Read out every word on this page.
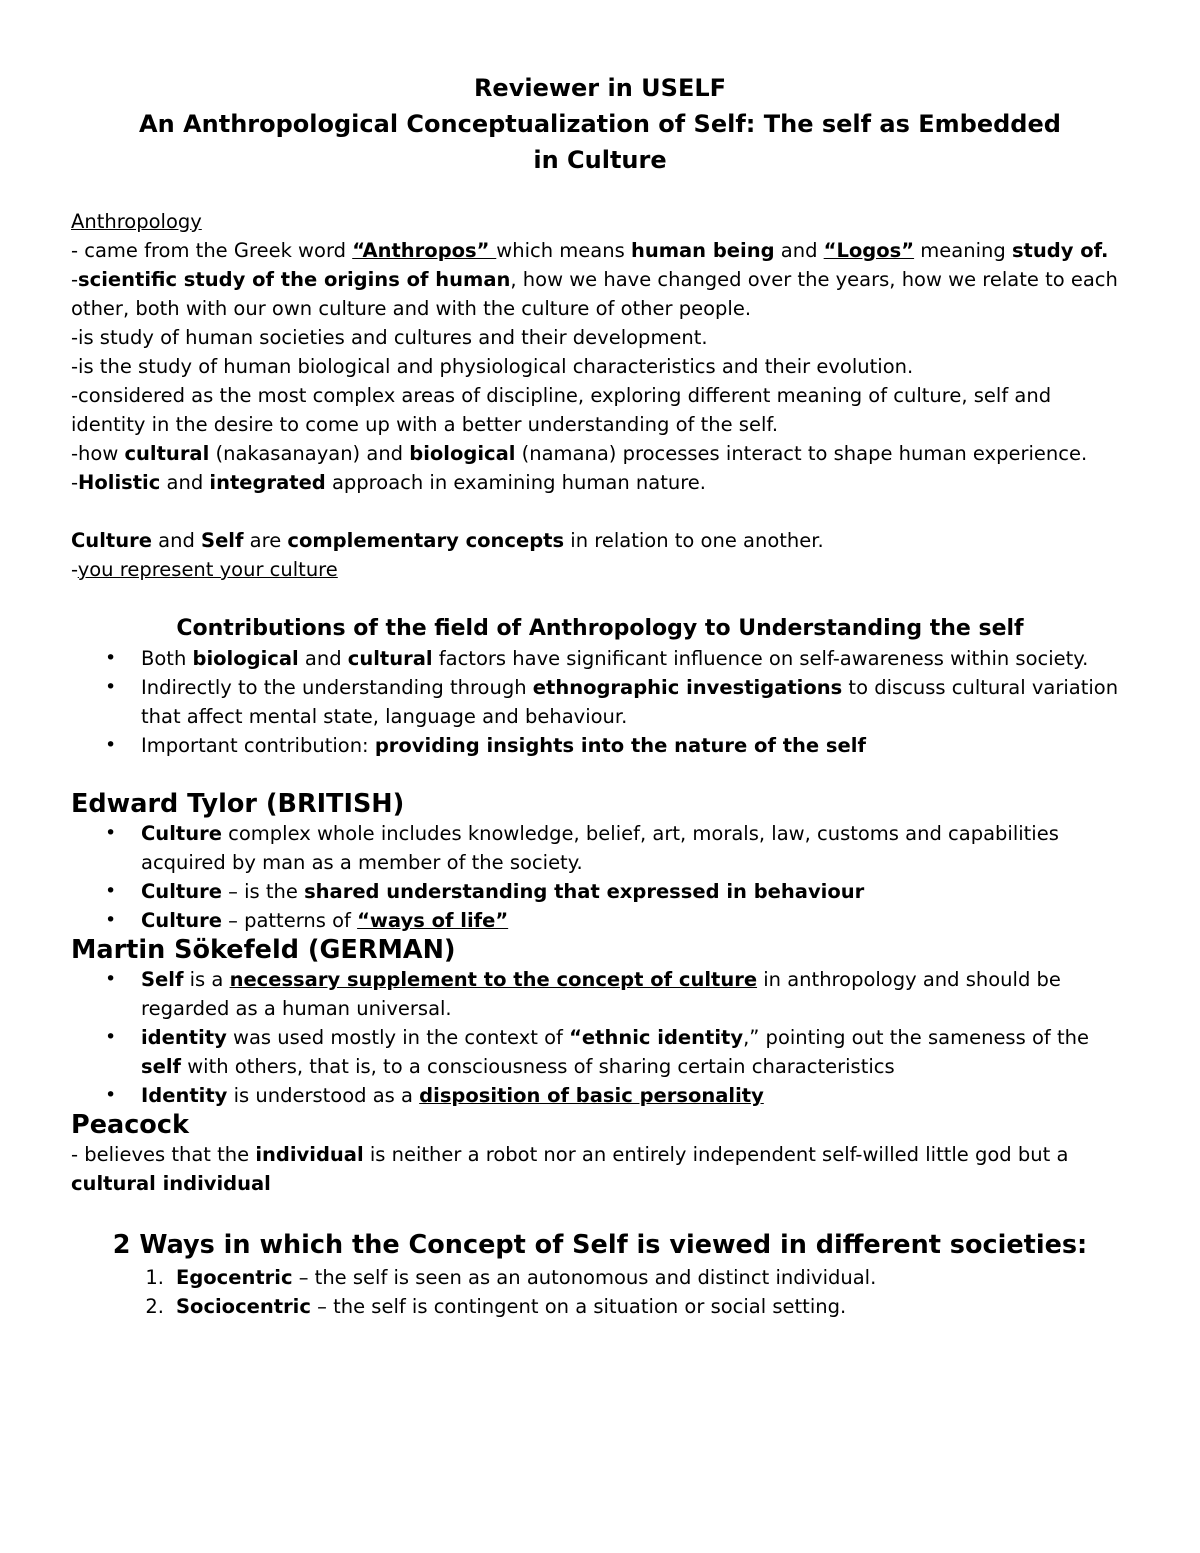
Reviewer in USELF

An Anthropological Conceptualization of Self: The self as Embedded

in Culture

Anthropology

- came from the Greek word “Anthropos” which means human being and “Logos” meaning study of.

-scientific study of the origins of human, how we have changed over the years, how we relate to each other, both with our own culture and with the culture of other people.

-is study of human societies and cultures and their development.

-is the study of human biological and physiological characteristics and their evolution.

-considered as the most complex areas of discipline, exploring different meaning of culture, self and identity in the desire to come up with a better understanding of the self.

-how cultural (nakasanayan) and biological (namana) processes interact to shape human experience.

-Holistic and integrated approach in examining human nature.

Culture and Self are complementary concepts in relation to one another.

-you represent your culture

Contributions of the field of Anthropology to Understanding the self

• Both biological and cultural factors have significant influence on self-awareness within society.
• Indirectly to the understanding through ethnographic investigations to discuss cultural variation that affect mental state, language and behaviour.
• Important contribution: providing insights into the nature of the self

Edward Tylor (BRITISH)

• Culture complex whole includes knowledge, belief, art, morals, law, customs and capabilities acquired by man as a member of the society.
• Culture – is the shared understanding that expressed in behaviour
• Culture – patterns of “ways of life”

Martin Sökefeld (GERMAN)

• Self is a necessary supplement to the concept of culture in anthropology and should be regarded as a human universal.
• identity was used mostly in the context of “ethnic identity,” pointing out the sameness of the self with others, that is, to a consciousness of sharing certain characteristics
• Identity is understood as a disposition of basic personality

Peacock

- believes that the individual is neither a robot nor an entirely independent self-willed little god but a cultural individual

2 Ways in which the Concept of Self is viewed in different societies:

1. Egocentric – the self is seen as an autonomous and distinct individual.
2. Sociocentric – the self is contingent on a situation or social setting.
